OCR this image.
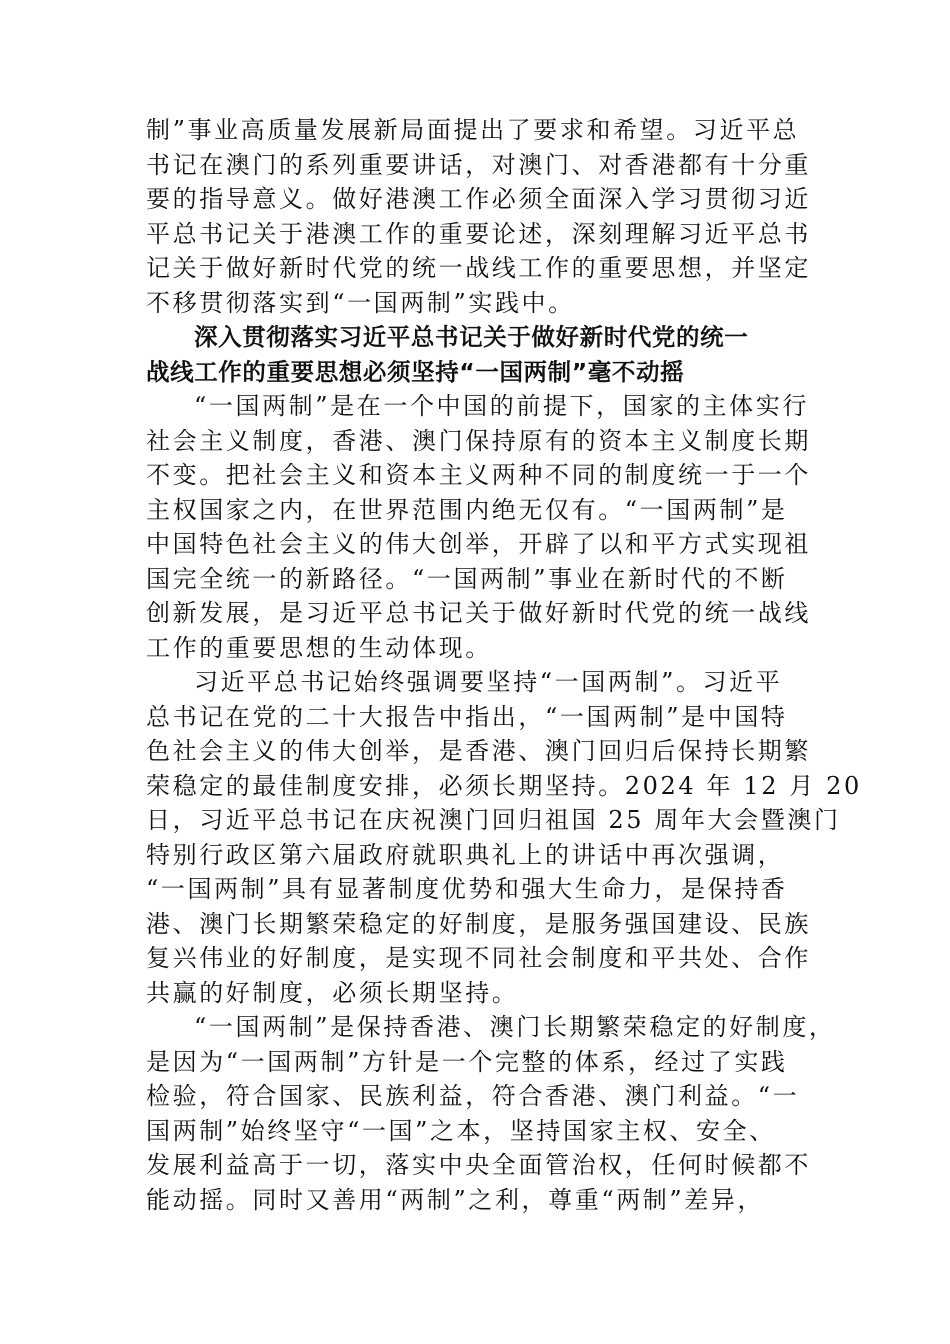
制”事业高质量发展新局面提出了要求和希望。习近平总
书记在澳门的系列重要讲话，对澳门、对香港都有十分重
要的指导意义。做好港澳工作必须全面深入学习贯彻习近
平总书记关于港澳工作的重要论述，深刻理解习近平总书
记关于做好新时代党的统一战线工作的重要思想，并坚定
不移贯彻落实到“一国两制”实践中。
深入贯彻落实习近平总书记关于做好新时代党的统一
战线工作的重要思想必须坚持“一国两制”毫不动摇
“一国两制”是在一个中国的前提下，国家的主体实行
社会主义制度，香港、澳门保持原有的资本主义制度长期
不变。把社会主义和资本主义两种不同的制度统一于一个
主权国家之内，在世界范围内绝无仅有。“一国两制”是
中国特色社会主义的伟大创举，开辟了以和平方式实现祖
国完全统一的新路径。“一国两制”事业在新时代的不断
创新发展，是习近平总书记关于做好新时代党的统一战线
工作的重要思想的生动体现。
习近平总书记始终强调要坚持“一国两制”。习近平
总书记在党的二十大报告中指出，“一国两制”是中国特
色社会主义的伟大创举，是香港、澳门回归后保持长期繁
荣稳定的最佳制度安排，必须长期坚持。2024 年 12 月 20
日，习近平总书记在庆祝澳门回归祖国 25 周年大会暨澳门
特别行政区第六届政府就职典礼上的讲话中再次强调，
“一国两制”具有显著制度优势和强大生命力，是保持香
港、澳门长期繁荣稳定的好制度，是服务强国建设、民族
复兴伟业的好制度，是实现不同社会制度和平共处、合作
共赢的好制度，必须长期坚持。
“一国两制”是保持香港、澳门长期繁荣稳定的好制度，
是因为“一国两制”方针是一个完整的体系，经过了实践
检验，符合国家、民族利益，符合香港、澳门利益。“一
国两制”始终坚守“一国”之本，坚持国家主权、安全、
发展利益高于一切，落实中央全面管治权，任何时候都不
能动摇。同时又善用“两制”之利，尊重“两制”差异，
